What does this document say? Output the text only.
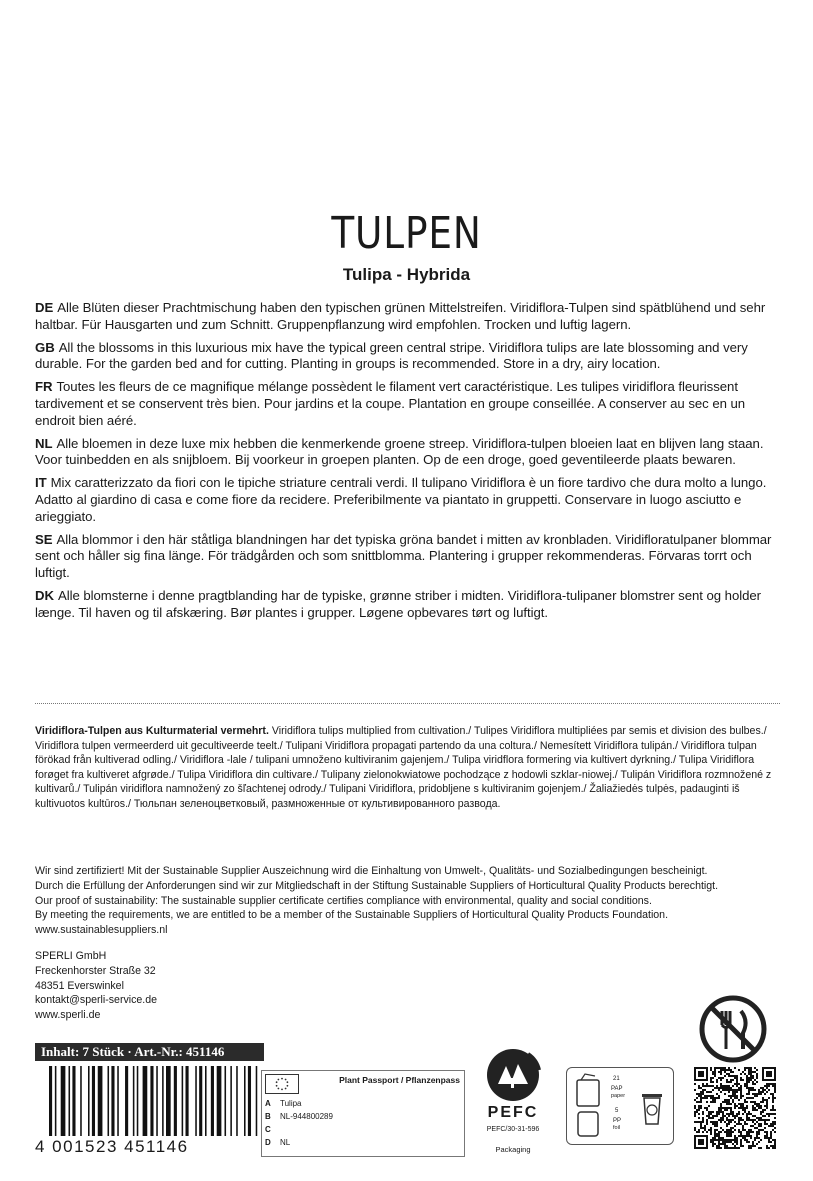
TULPEN
Tulipa - Hybrida

DE Alle Blüten dieser Prachtmischung haben den typischen grünen Mittelstreifen. Viridiflora-Tulpen sind spätblühend und sehr haltbar. Für Hausgarten und zum Schnitt. Gruppenpflanzung wird empfohlen. Trocken und luftig lagern.

GB All the blossoms in this luxurious mix have the typical green central stripe. Viridiflora tulips are late blossoming and very durable. For the garden bed and for cutting. Planting in groups is recommended. Store in a dry, airy location.

FR Toutes les fleurs de ce magnifique mélange possèdent le filament vert caractéristique. Les tulipes viridiflora fleurissent tardivement et se conservent très bien. Pour jardins et la coupe. Plantation en groupe conseillée. A conserver au sec en un endroit bien aéré.

NL Alle bloemen in deze luxe mix hebben die kenmerkende groene streep. Viridiflora-tulpen bloeien laat en blijven lang staan. Voor tuinbedden en als snijbloem. Bij voorkeur in groepen planten. Op de een droge, goed geventileerde plaats bewaren.

IT Mix caratterizzato da fiori con le tipiche striature centrali verdi. Il tulipano Viridiflora è un fiore tardivo che dura molto a lungo. Adatto al giardino di casa e come fiore da recidere. Preferibilmente va piantato in gruppetti. Conservare in luogo asciutto e arieggiato.

SE Alla blommor i den här ståtliga blandningen har det typiska gröna bandet i mitten av kronbladen. Viridifloratulpaner blommar sent och håller sig fina länge. För trädgården och som snittblomma. Plantering i grupper rekommenderas. Förvaras torrt och luftigt.

DK Alle blomsterne i denne pragtblanding har de typiske, grønne striber i midten. Viridiflora-tulipaner blomstrer sent og holder længe. Til haven og til afskæring. Bør plantes i grupper. Løgene opbevares tørt og luftigt.

Viridiflora-Tulpen aus Kulturmaterial vermehrt. Viridiflora tulips multiplied from cultivation./ Tulipes Viridiflora multipliées par semis et division des bulbes./ Viridiflora tulpen vermeerderd uit gecultiveerde teelt./ Tulipani Viridiflora propagati partendo da una coltura./ Nemesített Viridiflora tulipán./ Viridiflora tulpan förökad från kultiverad odling./ Viridiflora -lale / tulipani umnoženo kultiviranim gajenjem./ Tulipa viridflora formering via kultivert dyrkning./ Tulipa Viridiflora forøget fra kultiveret afgrøde./ Tulipa Viridiflora din cultivare./ Tulipany zielonokwiatowe pochodzące z hodowli szklar-niowej./ Tulipán Viridiflora rozmnožené z kultivarů./ Tulipán viridiflora namnožený zo šľachtenej odrody./ Tulipani Viridiflora, pridobljene s kultiviranim gojenjem./ Žaliažiedės tulpės, padauginti iš kultivuotos kultūros./ Тюльпан зеленоцветковый, размноженные от культивированного развода.

Wir sind zertifiziert! Mit der Sustainable Supplier Auszeichnung wird die Einhaltung von Umwelt-, Qualitäts- und Sozialbedingungen bescheinigt.
Durch die Erfüllung der Anforderungen sind wir zur Mitgliedschaft in der Stiftung Sustainable Suppliers of Horticultural Quality Products berechtigt.
Our proof of sustainability: The sustainable supplier certificate certifies compliance with environmental, quality and social conditions.
By meeting the requirements, we are entitled to be a member of the Sustainable Suppliers of Horticultural Quality Products Foundation.
www.sustainablesuppliers.nl
SPERLI GmbH
Freckenhorster Straße 32
48351 Everswinkel
kontakt@sperli-service.de
www.sperli.de
Inhalt: 7 Stück · Art.-Nr.: 451146
4 001523 451146
Plant Passport / Pflanzenpass
A Tulipa
B NL-944800289
C
D NL
PEFC
PEFC/30-31-596
Packaging
21
PAP
paper
5
PP
foil
